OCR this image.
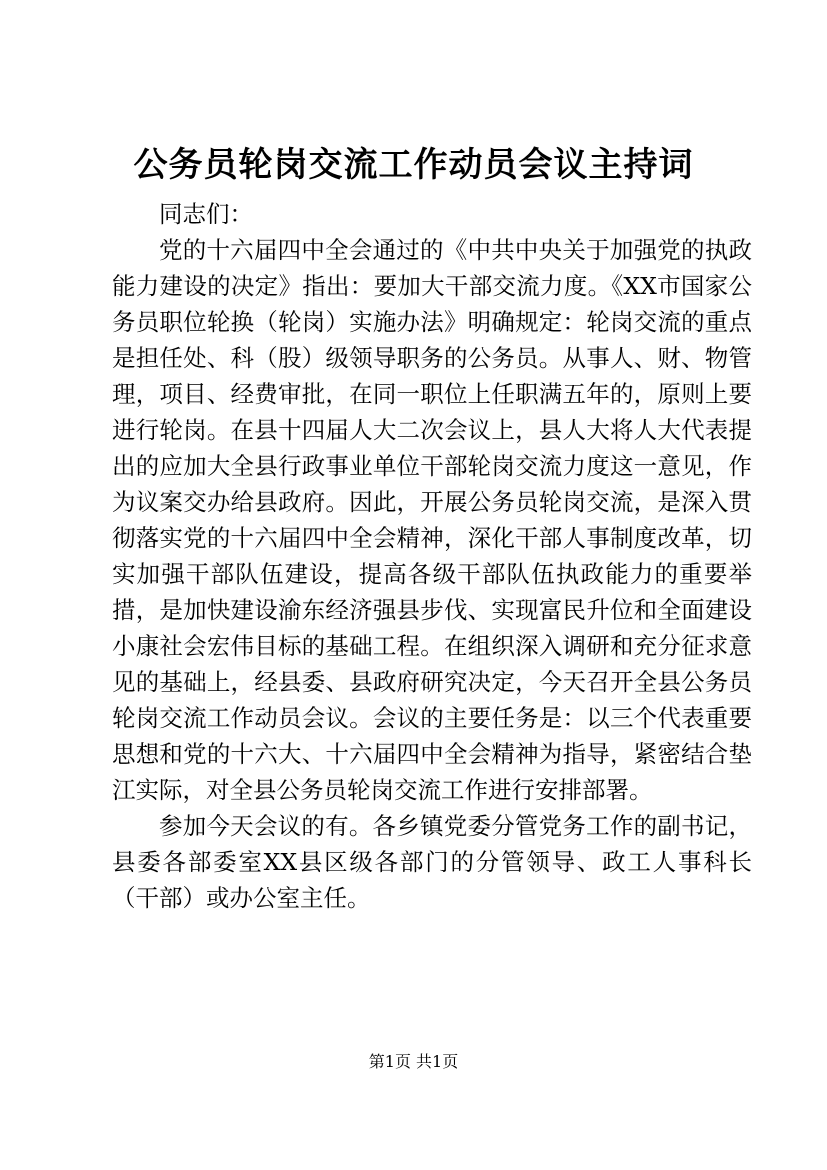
公务员轮岗交流工作动员会议主持词

同志们：

党的十六届四中全会通过的《中共中央关于加强党的执政能力建设的决定》指出：要加大干部交流力度。《XX市国家公务员职位轮换（轮岗）实施办法》明确规定：轮岗交流的重点是担任处、科（股）级领导职务的公务员。从事人、财、物管理，项目、经费审批，在同一职位上任职满五年的，原则上要进行轮岗。在县十四届人大二次会议上，县人大将人大代表提出的应加大全县行政事业单位干部轮岗交流力度这一意见，作为议案交办给县政府。因此，开展公务员轮岗交流，是深入贯彻落实党的十六届四中全会精神，深化干部人事制度改革，切实加强干部队伍建设，提高各级干部队伍执政能力的重要举措，是加快建设渝东经济强县步伐、实现富民升位和全面建设小康社会宏伟目标的基础工程。在组织深入调研和充分征求意见的基础上，经县委、县政府研究决定，今天召开全县公务员轮岗交流工作动员会议。会议的主要任务是：以三个代表重要思想和党的十六大、十六届四中全会精神为指导，紧密结合垫江实际，对全县公务员轮岗交流工作进行安排部署。

参加今天会议的有。各乡镇党委分管党务工作的副书记，县委各部委室XX县区级各部门的分管领导、政工人事科长（干部）或办公室主任。

第1页 共1页
